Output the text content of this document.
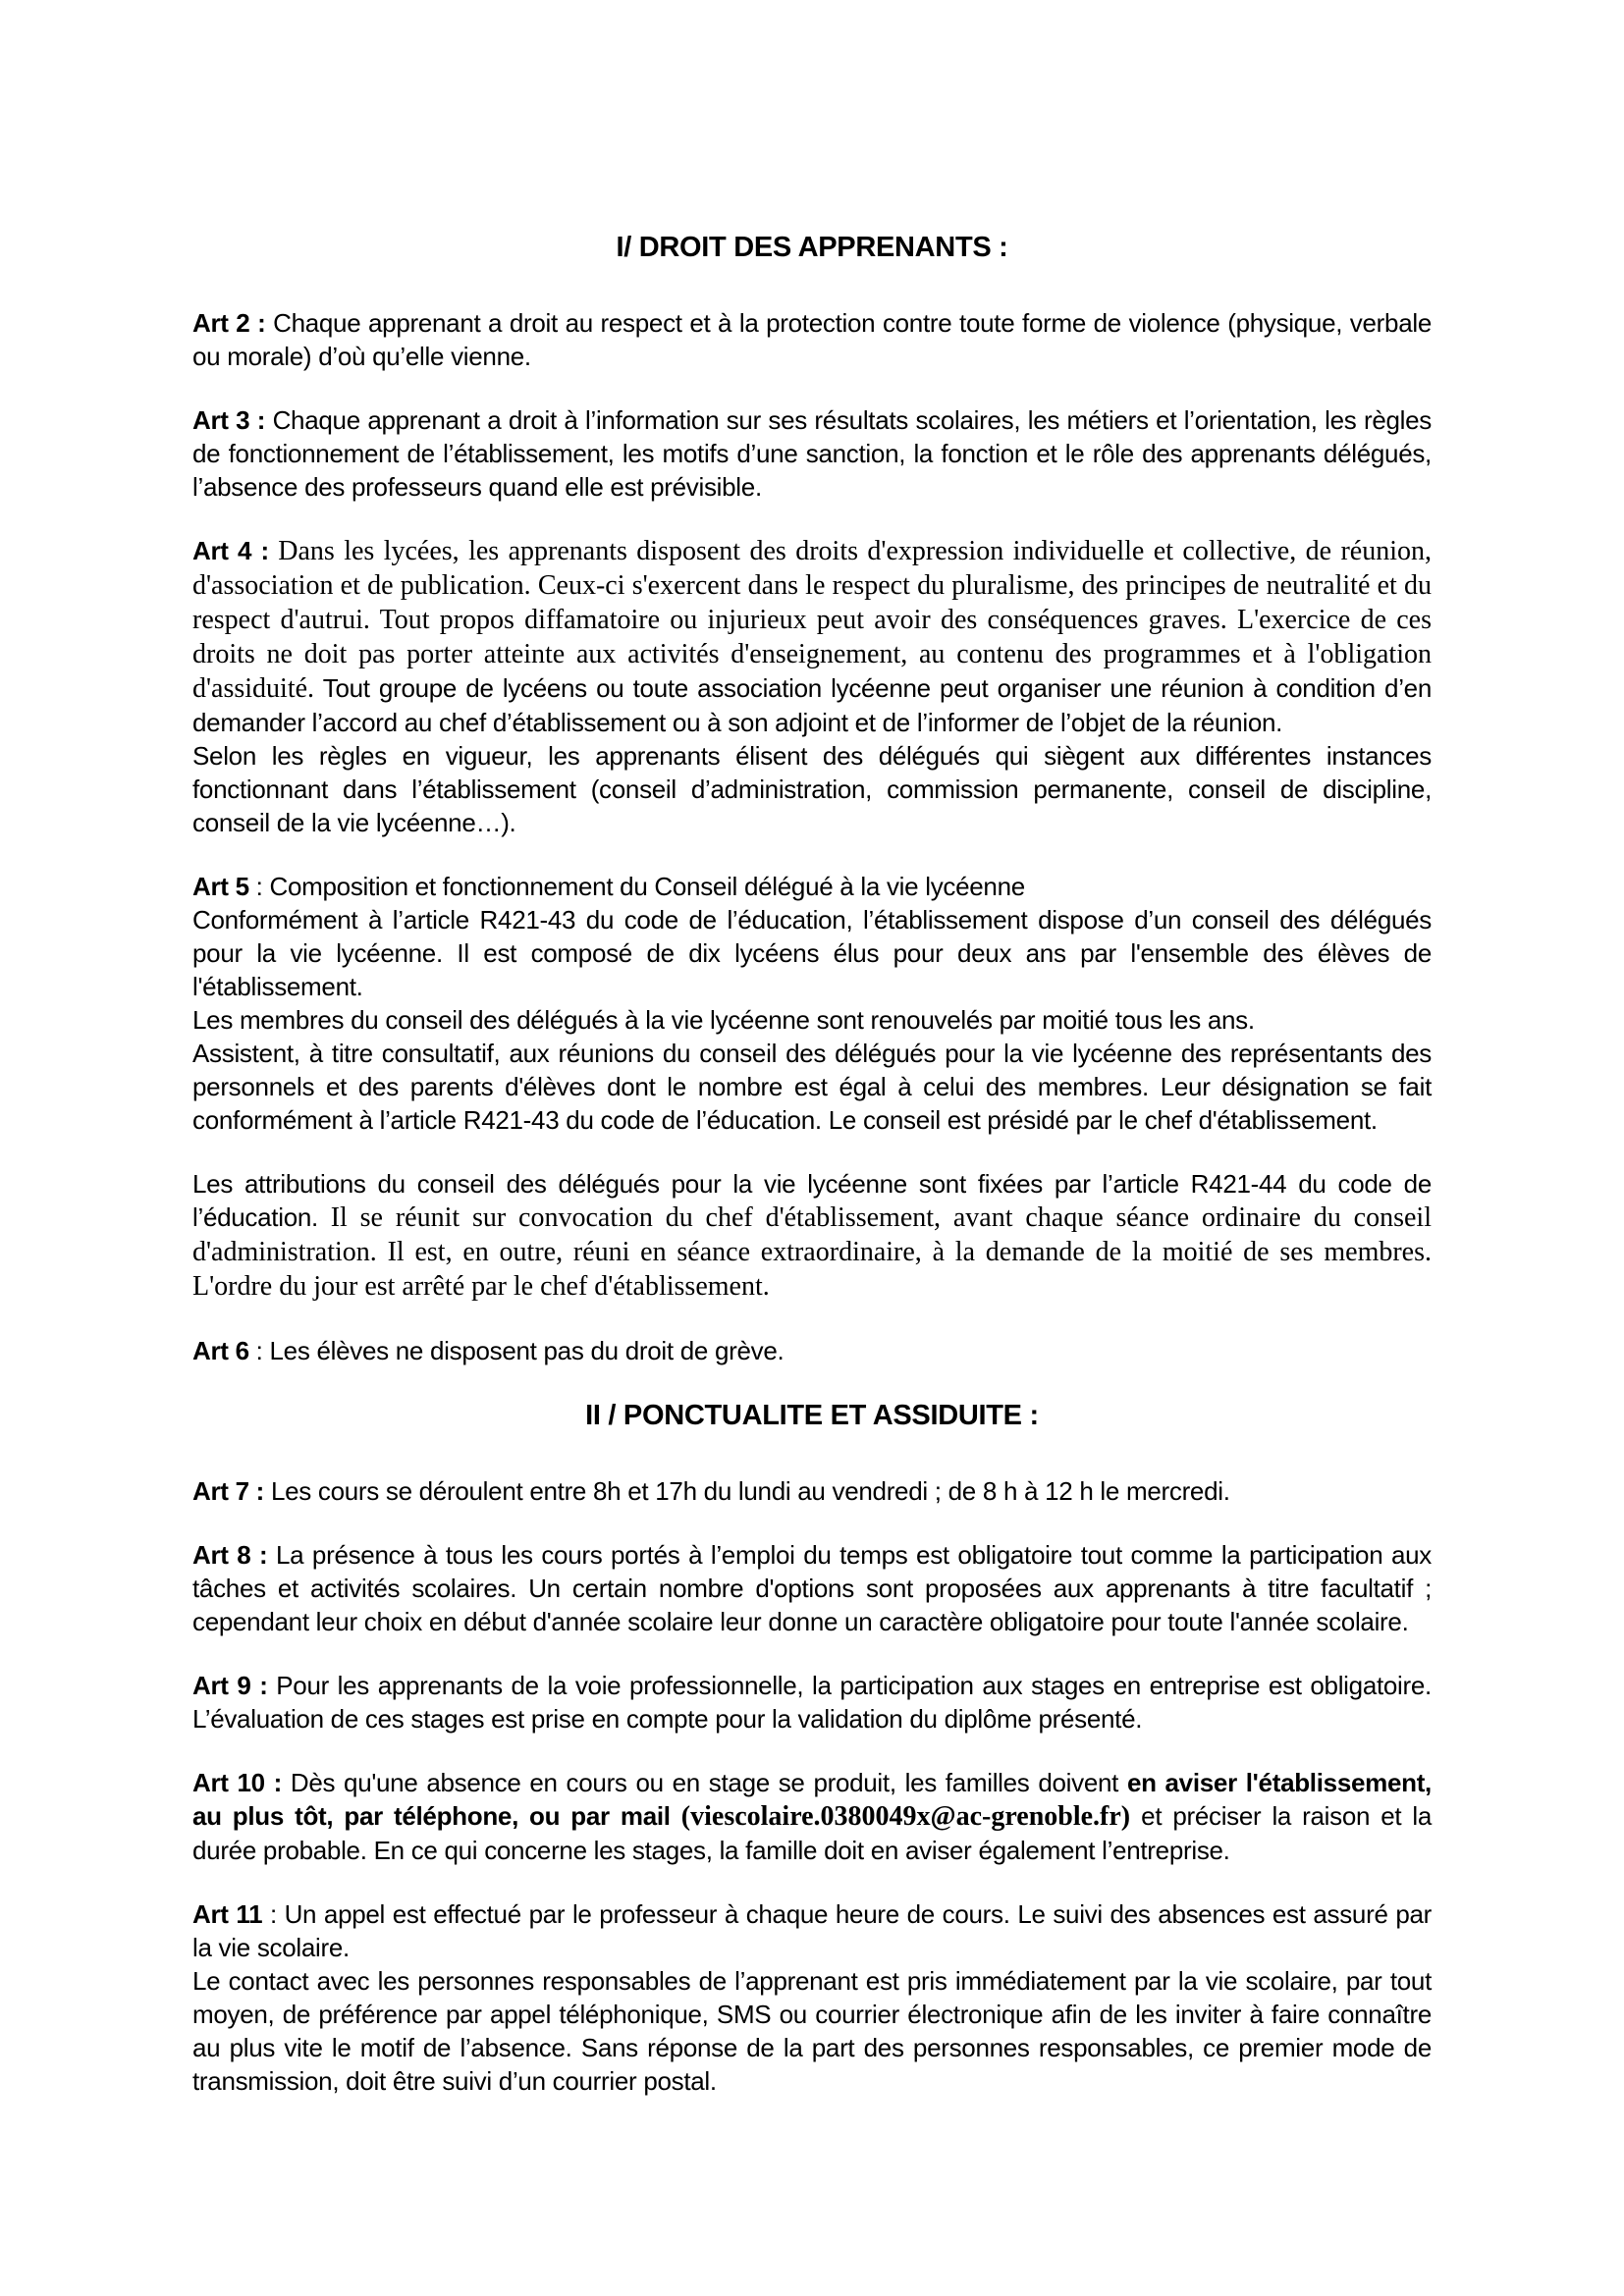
I/ DROIT DES APPRENANTS :
Art 2 : Chaque apprenant a droit au respect et à la protection contre toute forme de violence (physique, verbale ou morale) d’où qu’elle vienne.
Art 3 : Chaque apprenant a droit à l’information sur ses résultats scolaires, les métiers et l’orientation, les règles de fonctionnement de l’établissement, les motifs d’une sanction, la fonction et le rôle des apprenants délégués, l’absence des professeurs quand elle est prévisible.
Art 4 : Dans les lycées, les apprenants disposent des droits d'expression individuelle et collective, de réunion, d'association et de publication. Ceux-ci s'exercent dans le respect du pluralisme, des principes de neutralité et du respect d'autrui. Tout propos diffamatoire ou injurieux peut avoir des conséquences graves. L'exercice de ces droits ne doit pas porter atteinte aux activités d'enseignement, au contenu des programmes et à l'obligation d'assiduité. Tout groupe de lycéens ou toute association lycéenne peut organiser une réunion à condition d’en demander l’accord au chef d’établissement ou à son adjoint et de l’informer de l’objet de la réunion.
Selon les règles en vigueur, les apprenants élisent des délégués qui siègent aux différentes instances fonctionnant dans l’établissement (conseil d’administration, commission permanente, conseil de discipline, conseil de la vie lycéenne…).
Art 5 : Composition et fonctionnement du Conseil délégué à la vie lycéenne
Conformément à l’article R421-43 du code de l’éducation, l’établissement dispose d’un conseil des délégués pour la vie lycéenne. Il est composé de dix lycéens élus pour deux ans par l'ensemble des élèves de l'établissement.
Les membres du conseil des délégués à la vie lycéenne sont renouvelés par moitié tous les ans.
Assistent, à titre consultatif, aux réunions du conseil des délégués pour la vie lycéenne des représentants des personnels et des parents d'élèves dont le nombre est égal à celui des membres. Leur désignation se fait conformément à l’article R421-43 du code de l’éducation. Le conseil est présidé par le chef d'établissement.
Les attributions du conseil des délégués pour la vie lycéenne sont fixées par l’article R421-44 du code de l’éducation. Il se réunit sur convocation du chef d'établissement, avant chaque séance ordinaire du conseil d'administration. Il est, en outre, réuni en séance extraordinaire, à la demande de la moitié de ses membres. L'ordre du jour est arrêté par le chef d'établissement.
Art 6 : Les élèves ne disposent pas du droit de grève.
II / PONCTUALITE ET ASSIDUITE :
Art 7 : Les cours se déroulent entre 8h et 17h du lundi au vendredi ; de 8 h à 12 h le mercredi.
Art 8 : La présence à tous les cours portés à l’emploi du temps est obligatoire tout comme la participation aux tâches et activités scolaires. Un certain nombre d'options sont proposées aux apprenants à titre facultatif ; cependant leur choix en début d'année scolaire leur donne un caractère obligatoire pour toute l'année scolaire.
Art 9 : Pour les apprenants de la voie professionnelle, la participation aux stages en entreprise est obligatoire. L’évaluation de ces stages est prise en compte pour la validation du diplôme présenté.
Art 10 : Dès qu'une absence en cours ou en stage se produit, les familles doivent en aviser l'établissement, au plus tôt, par téléphone, ou par mail (viescolaire.0380049x@ac-grenoble.fr) et préciser la raison et la durée probable. En ce qui concerne les stages, la famille doit en aviser également l’entreprise.
Art 11 : Un appel est effectué par le professeur à chaque heure de cours. Le suivi des absences est assuré par la vie scolaire.
Le contact avec les personnes responsables de l’apprenant est pris immédiatement par la vie scolaire, par tout moyen, de préférence par appel téléphonique, SMS ou courrier électronique afin de les inviter à faire connaître au plus vite le motif de l’absence. Sans réponse de la part des personnes responsables, ce premier mode de transmission, doit être suivi d’un courrier postal.
